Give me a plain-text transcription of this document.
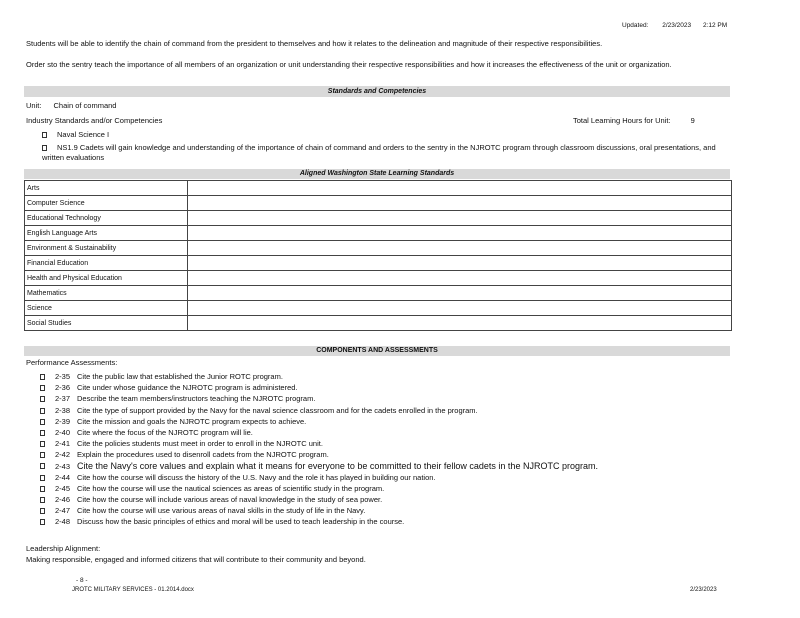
Updated: 2/23/2023 2:12 PM
Students will be able to identify the chain of command from the president to themselves and how it relates to the delineation and magnitude of their respective responsibilities.
Order sto the sentry teach the importance of all members of an organization or unit understanding their respective responsibilities and how it increases the effectiveness of the unit or organization.
Standards and Competencies
Unit: Chain of command
Industry Standards and/or Competencies	Total Learning Hours for Unit:	9
Naval Science I
NS1.9 Cadets will gain knowledge and understanding of the importance of chain of command and orders to the sentry in the NJROTC program through classroom discussions, oral presentations, and written evaluations
Aligned Washington State Learning Standards
Arts	
Computer Science	
Educational Technology	
English Language Arts	
Environment & Sustainability	
Financial Education	
Health and Physical Education	
Mathematics	
Science	
Social Studies	
COMPONENTS AND ASSESSMENTS
Performance Assessments:
2-35 Cite the public law that established the Junior ROTC program.
2-36 Cite under whose guidance the NJROTC program is administered.
2-37 Describe the team members/instructors teaching the NJROTC program.
2-38 Cite the type of support provided by the Navy for the naval science classroom and for the cadets enrolled in the program.
2-39 Cite the mission and goals the NJROTC program expects to achieve.
2-40 Cite where the focus of the NJROTC program will lie.
2-41 Cite the policies students must meet in order to enroll in the NJROTC unit.
2-42 Explain the procedures used to disenroll cadets from the NJROTC program.
2-43 Cite the Navy's core values and explain what it means for everyone to be committed to their fellow cadets in the NJROTC program.
2-44 Cite how the course will discuss the history of the U.S. Navy and the role it has played in building our nation.
2-45 Cite how the course will use the nautical sciences as areas of scientific study in the program.
2-46 Cite how the course will include various areas of naval knowledge in the study of sea power.
2-47 Cite how the course will use various areas of naval skills in the study of life in the Navy.
2-48 Discuss how the basic principles of ethics and moral will be used to teach leadership in the course.
Leadership Alignment:
Making responsible, engaged and informed citizens that will contribute to their community and beyond.
- 8 -
JROTC MILITARY SERVICES - 01.2014.docx	2/23/2023
